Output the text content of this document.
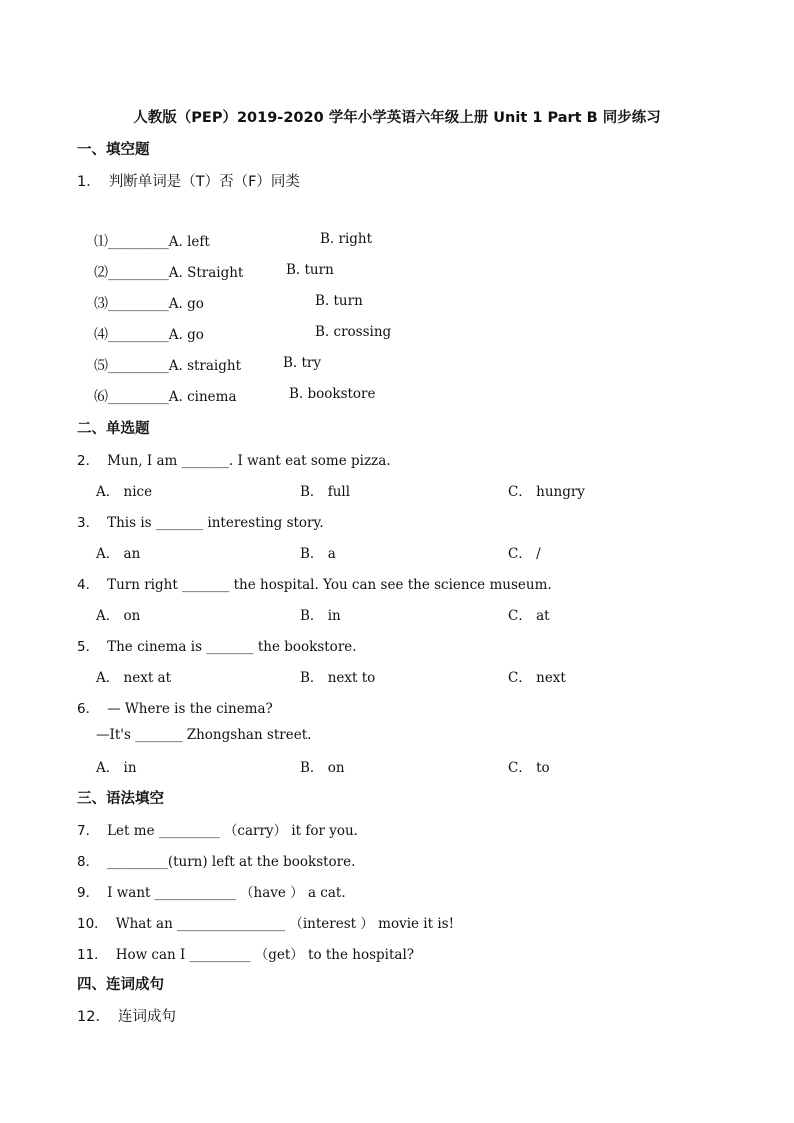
人教版（PEP）2019-2020 学年小学英语六年级上册 Unit 1 Part B 同步练习
一、填空题
1． 判断单词是（T）否（F）同类
⑴_________A. left	B. right
⑵_________A. Straight	B. turn
⑶_________A. go	B. turn
⑷_________A. go	B. crossing
⑸_________A. straight	B. try
⑹_________A. cinema	B. bookstore
二、单选题
2． Mun, I am _______. I want eat some pizza.
A． nice	B． full	C． hungry
3． This is _______ interesting story.
A． an	B． a	C． /
4． Turn right _______ the hospital. You can see the science museum.
A． on	B． in	C． at
5． The cinema is _______ the bookstore.
A． next at	B． next to	C． next
6． — Where is the cinema?
—It's _______ Zhongshan street.
A． in	B． on	C． to
三、语法填空
7． Let me _________ （carry） it for you.
8． _________(turn) left at the bookstore.
9． I want ____________ （have ） a cat.
10． What an ________________ （interest ） movie it is!
11． How can I _________ （get） to the hospital?
四、连词成句
12． 连词成句
